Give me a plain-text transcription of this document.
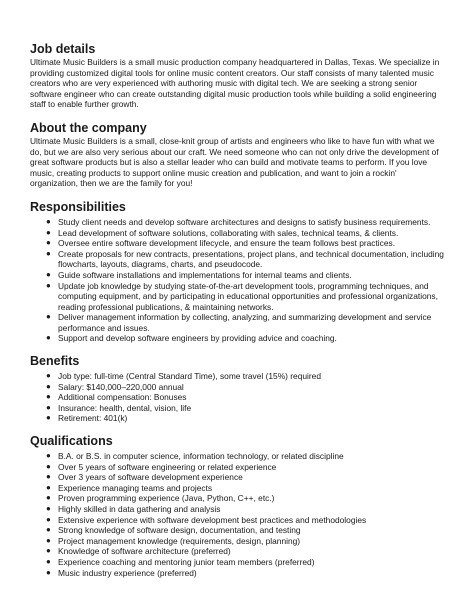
Job details

Ultimate Music Builders is a small music production company headquartered in Dallas, Texas. We specialize in providing customized digital tools for online music content creators. Our staff consists of many talented music creators who are very experienced with authoring music with digital tech. We are seeking a strong senior software engineer who can create outstanding digital music production tools while building a solid engineering staff to enable further growth.

About the company

Ultimate Music Builders is a small, close-knit group of artists and engineers who like to have fun with what we do, but we are also very serious about our craft. We need someone who can not only drive the development of great software products but is also a stellar leader who can build and motivate teams to perform. If you love music, creating products to support online music creation and publication, and want to join a rockin' organization, then we are the family for you!

Responsibilities
● Study client needs and develop software architectures and designs to satisfy business requirements.
● Lead development of software solutions, collaborating with sales, technical teams, & clients.
● Oversee entire software development lifecycle, and ensure the team follows best practices.
● Create proposals for new contracts, presentations, project plans, and technical documentation, including flowcharts, layouts, diagrams, charts, and pseudocode.
● Guide software installations and implementations for internal teams and clients.
● Update job knowledge by studying state-of-the-art development tools, programming techniques, and computing equipment, and by participating in educational opportunities and professional organizations, reading professional publications, & maintaining networks.
● Deliver management information by collecting, analyzing, and summarizing development and service performance and issues.
● Support and develop software engineers by providing advice and coaching.
Benefits
● Job type: full-time (Central Standard Time), some travel (15%) required
● Salary: $140,000–220,000 annual
● Additional compensation: Bonuses
● Insurance: health, dental, vision, life
● Retirement: 401(k)
Qualifications
● B.A. or B.S. in computer science, information technology, or related discipline
● Over 5 years of software engineering or related experience
● Over 3 years of software development experience
● Experience managing teams and projects
● Proven programming experience (Java, Python, C++, etc.)
● Highly skilled in data gathering and analysis
● Extensive experience with software development best practices and methodologies
● Strong knowledge of software design, documentation, and testing
● Project management knowledge (requirements, design, planning)
● Knowledge of software architecture (preferred)
● Experience coaching and mentoring junior team members (preferred)
● Music industry experience (preferred)
